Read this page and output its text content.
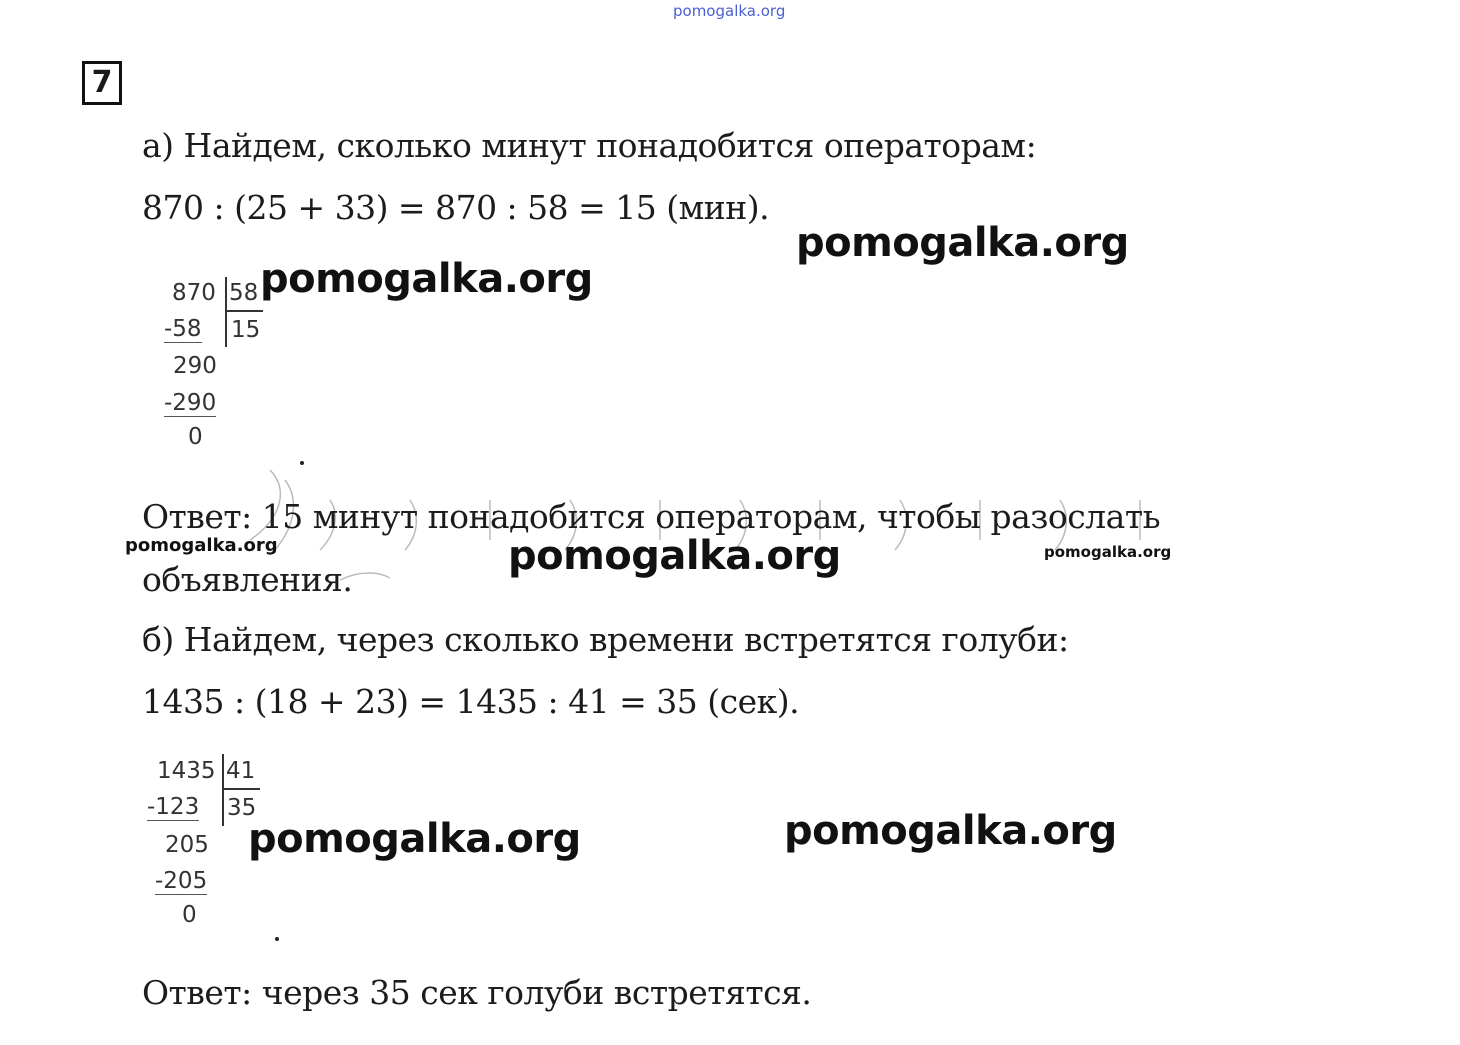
pomogalka.org
7
а) Найдем, сколько минут понадобится операторам:
870 : (25 + 33) = 870 : 58 = 15 (мин).
pomogalka.org
870 58
15
-58
290
-290
0
pomogalka.org
Ответ: 15 минут понадобится операторам, чтобы разослать
объявления.
pomogalka.org	pomogalka.org	pomogalka.org
б) Найдем, через сколько времени встретятся голуби:
1435 : (18 + 23) = 1435 : 41 = 35 (сек).
1435 41
35
-123
205
-205
0
pomogalka.org	pomogalka.org
Ответ: через 35 сек голуби встретятся.
